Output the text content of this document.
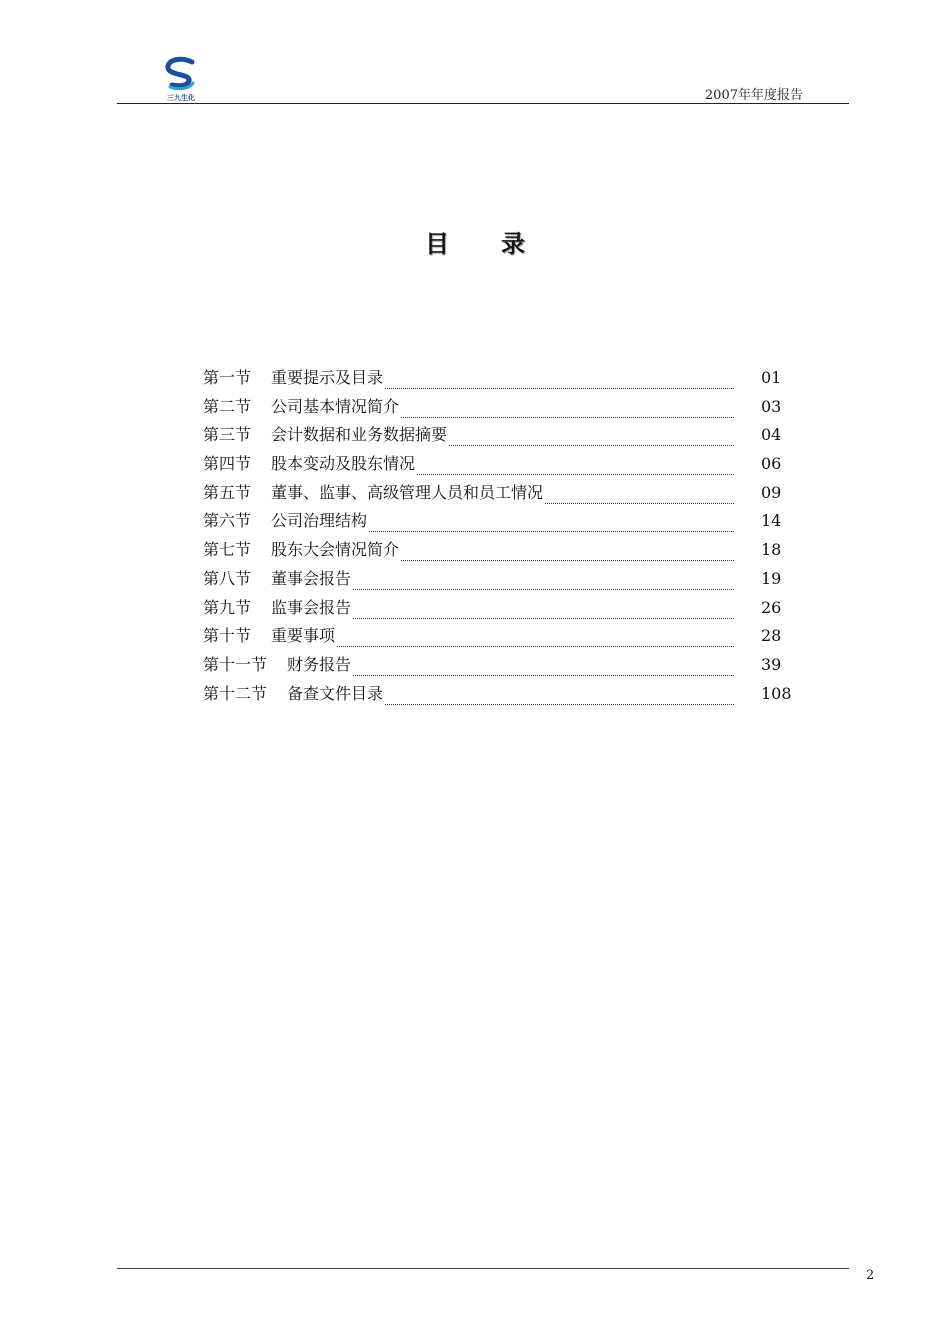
三九生化	2007年年度报告
目录
第一节 重要提示及目录	01
第二节 公司基本情况简介	03
第三节 会计数据和业务数据摘要	04
第四节 股本变动及股东情况	06
第五节 董事、监事、高级管理人员和员工情况	09
第六节 公司治理结构	14
第七节 股东大会情况简介	18
第八节 董事会报告	19
第九节 监事会报告	26
第十节 重要事项	28
第十一节 财务报告	39
第十二节 备查文件目录	108
2
